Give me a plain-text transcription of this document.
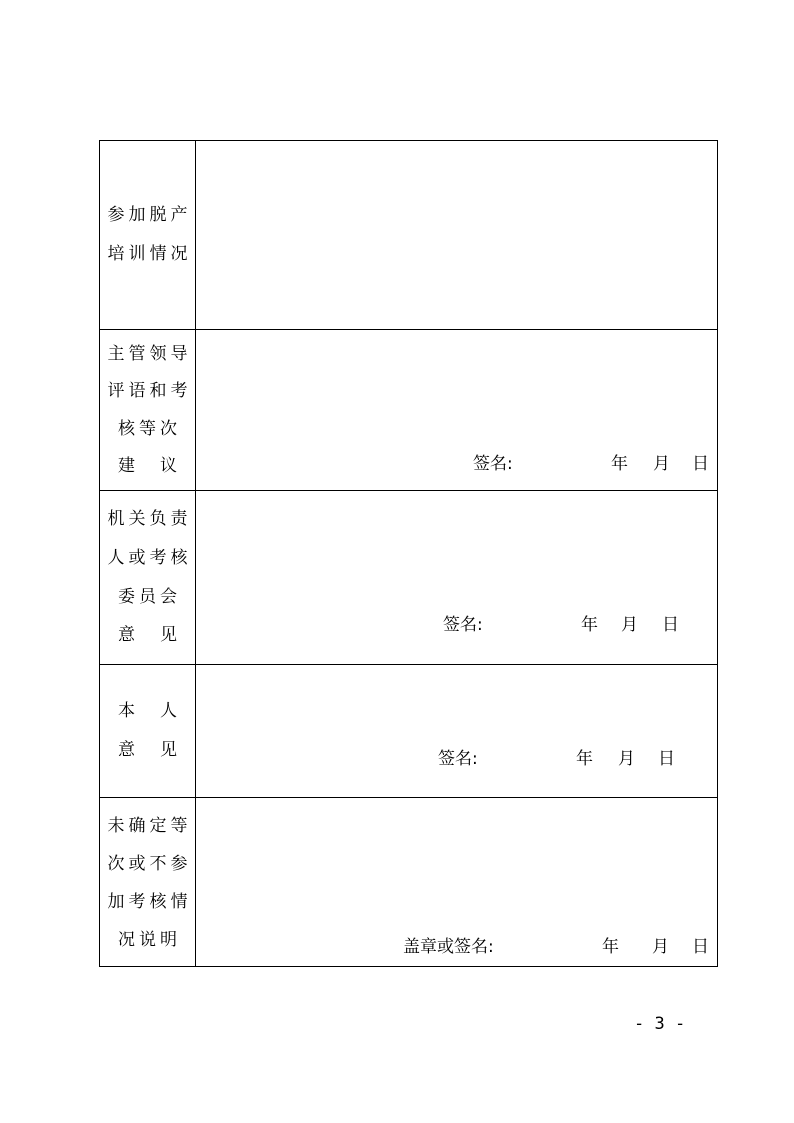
参加脱产
培训情况
主管领导
评语和考
核等次
建　议	签名:	年 月 日
机关负责
人或考核
委员会
意　见	签名:	年 月 日
本　人
意　见	签名:	年 月 日
未确定等
次或不参
加考核情
况说明	盖章或签名:	年 月 日
- 3 -
